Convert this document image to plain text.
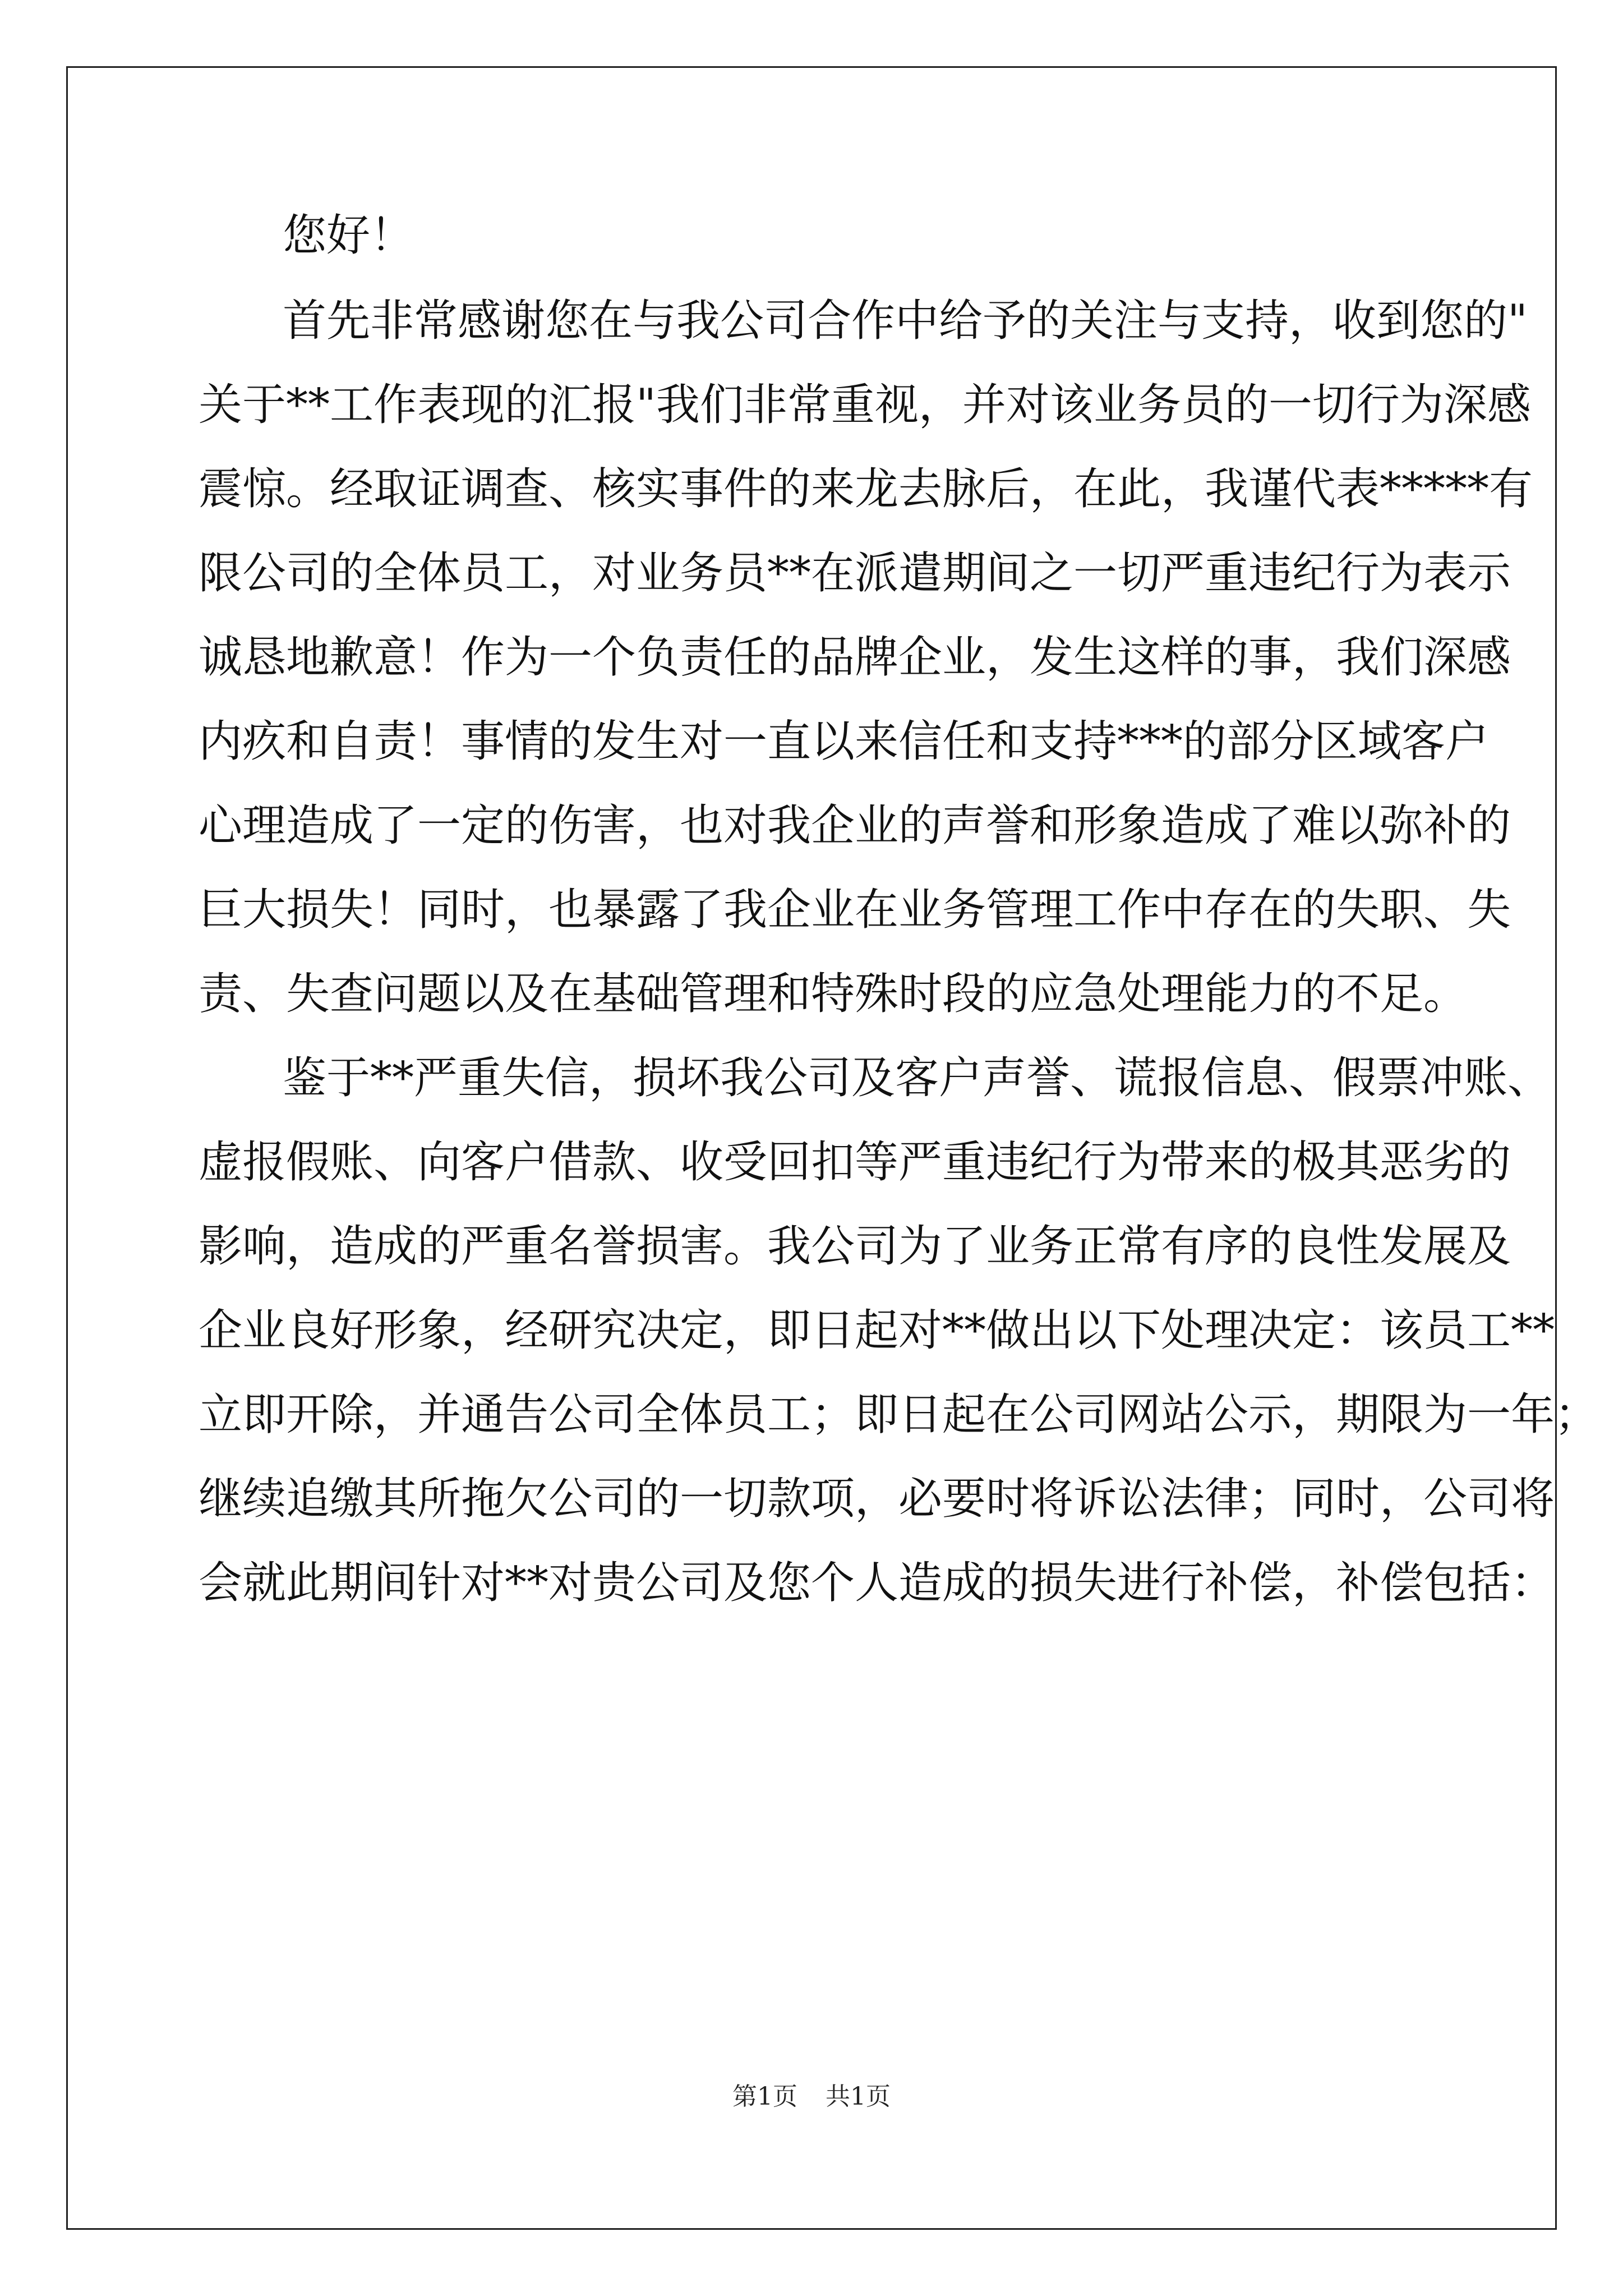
您好！
首先非常感谢您在与我公司合作中给予的关注与支持，收到您的"
关于**工作表现的汇报"我们非常重视，并对该业务员的一切行为深感
震惊。经取证调查、核实事件的来龙去脉后，在此，我谨代表*****有
限公司的全体员工，对业务员**在派遣期间之一切严重违纪行为表示
诚恳地歉意！作为一个负责任的品牌企业，发生这样的事，我们深感
内疚和自责！事情的发生对一直以来信任和支持***的部分区域客户
心理造成了一定的伤害，也对我企业的声誉和形象造成了难以弥补的
巨大损失！同时，也暴露了我企业在业务管理工作中存在的失职、失
责、失查问题以及在基础管理和特殊时段的应急处理能力的不足。
鉴于**严重失信，损坏我公司及客户声誉、谎报信息、假票冲账、
虚报假账、向客户借款、收受回扣等严重违纪行为带来的极其恶劣的
影响，造成的严重名誉损害。我公司为了业务正常有序的良性发展及
企业良好形象，经研究决定，即日起对**做出以下处理决定：该员工**
立即开除，并通告公司全体员工；即日起在公司网站公示，期限为一年；
继续追缴其所拖欠公司的一切款项，必要时将诉讼法律；同时，公司将
会就此期间针对**对贵公司及您个人造成的损失进行补偿，补偿包括：
第1页 共1页
